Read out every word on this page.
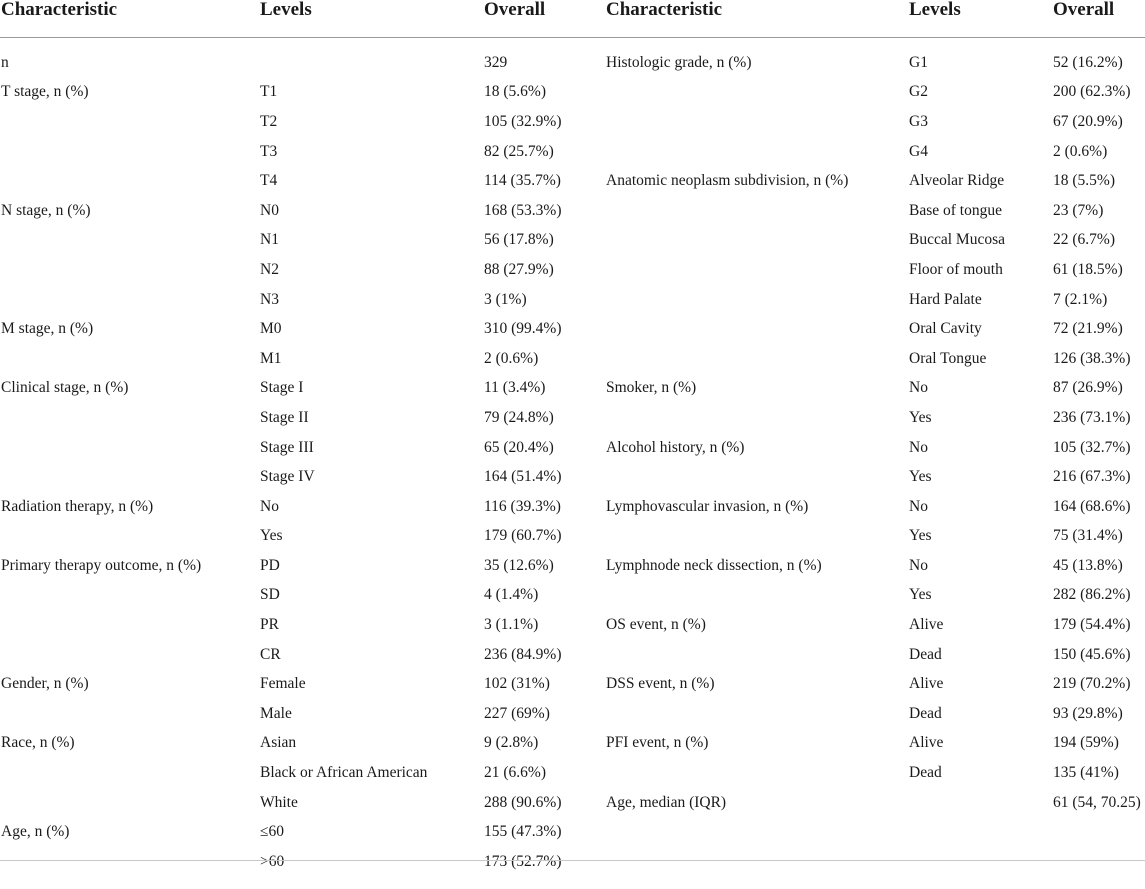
Characteristic	Levels	Overall	Characteristic	Levels	Overall
n		329	Histologic grade, n (%)	G1	52 (16.2%)
T stage, n (%)	T1	18 (5.6%)		G2	200 (62.3%)
	T2	105 (32.9%)		G3	67 (20.9%)
	T3	82 (25.7%)		G4	2 (0.6%)
	T4	114 (35.7%)	Anatomic neoplasm subdivision, n (%)	Alveolar Ridge	18 (5.5%)
N stage, n (%)	N0	168 (53.3%)		Base of tongue	23 (7%)
	N1	56 (17.8%)		Buccal Mucosa	22 (6.7%)
	N2	88 (27.9%)		Floor of mouth	61 (18.5%)
	N3	3 (1%)		Hard Palate	7 (2.1%)
M stage, n (%)	M0	310 (99.4%)		Oral Cavity	72 (21.9%)
	M1	2 (0.6%)		Oral Tongue	126 (38.3%)
Clinical stage, n (%)	Stage I	11 (3.4%)	Smoker, n (%)	No	87 (26.9%)
	Stage II	79 (24.8%)		Yes	236 (73.1%)
	Stage III	65 (20.4%)	Alcohol history, n (%)	No	105 (32.7%)
	Stage IV	164 (51.4%)		Yes	216 (67.3%)
Radiation therapy, n (%)	No	116 (39.3%)	Lymphovascular invasion, n (%)	No	164 (68.6%)
	Yes	179 (60.7%)		Yes	75 (31.4%)
Primary therapy outcome, n (%)	PD	35 (12.6%)	Lymphnode neck dissection, n (%)	No	45 (13.8%)
	SD	4 (1.4%)		Yes	282 (86.2%)
	PR	3 (1.1%)	OS event, n (%)	Alive	179 (54.4%)
	CR	236 (84.9%)		Dead	150 (45.6%)
Gender, n (%)	Female	102 (31%)	DSS event, n (%)	Alive	219 (70.2%)
	Male	227 (69%)		Dead	93 (29.8%)
Race, n (%)	Asian	9 (2.8%)	PFI event, n (%)	Alive	194 (59%)
	Black or African American	21 (6.6%)		Dead	135 (41%)
	White	288 (90.6%)	Age, median (IQR)		61 (54, 70.25)
Age, n (%)	≤60	155 (47.3%)			
	>60	173 (52.7%)			
